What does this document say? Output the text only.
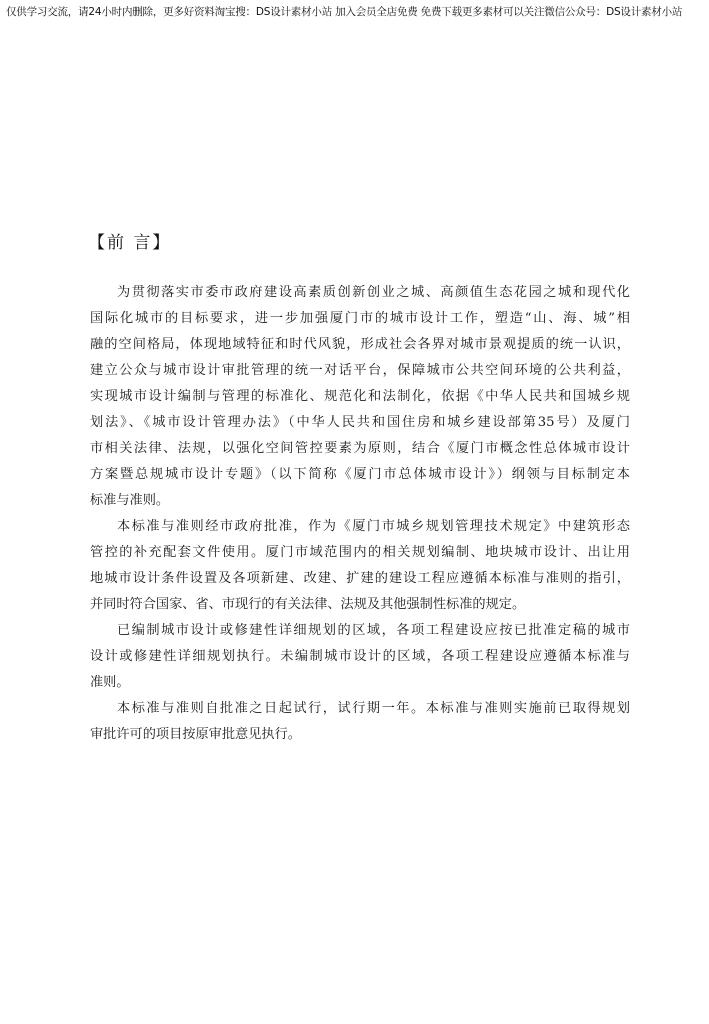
仅供学习交流，请24小时内删除，更多好资料淘宝搜：DS设计素材小站 加入会员全店免费 免费下载更多素材可以关注微信公众号：DS设计素材小站
【前 言】
为贯彻落实市委市政府建设高素质创新创业之城、高颜值生态花园之城和现代化
国际化城市的目标要求，进一步加强厦门市的城市设计工作，塑造“山、海、城”相
融的空间格局，体现地域特征和时代风貌，形成社会各界对城市景观提质的统一认识，
建立公众与城市设计审批管理的统一对话平台，保障城市公共空间环境的公共利益，
实现城市设计编制与管理的标准化、规范化和法制化，依据《中华人民共和国城乡规
划法》、《城市设计管理办法》（中华人民共和国住房和城乡建设部第35号）及厦门
市相关法律、法规，以强化空间管控要素为原则，结合《厦门市概念性总体城市设计
方案暨总规城市设计专题》（以下简称《厦门市总体城市设计》）纲领与目标制定本
标准与准则。
本标准与准则经市政府批准，作为《厦门市城乡规划管理技术规定》中建筑形态
管控的补充配套文件使用。厦门市域范围内的相关规划编制、地块城市设计、出让用
地城市设计条件设置及各项新建、改建、扩建的建设工程应遵循本标准与准则的指引，
并同时符合国家、省、市现行的有关法律、法规及其他强制性标准的规定。
已编制城市设计或修建性详细规划的区域，各项工程建设应按已批准定稿的城市
设计或修建性详细规划执行。未编制城市设计的区域，各项工程建设应遵循本标准与
准则。
本标准与准则自批准之日起试行，试行期一年。本标准与准则实施前已取得规划
审批许可的项目按原审批意见执行。
